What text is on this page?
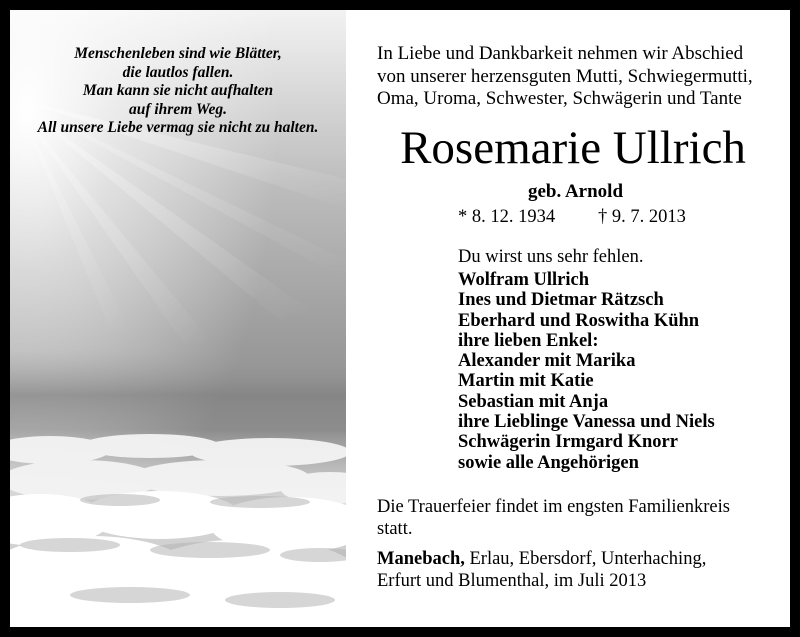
Menschenleben sind wie Blätter,
die lautlos fallen.
Man kann sie nicht aufhalten
auf ihrem Weg.
All unsere Liebe vermag sie nicht zu halten.
In Liebe und Dankbarkeit nehmen wir Abschied
von unserer herzensguten Mutti, Schwiegermutti,
Oma, Uroma, Schwester, Schwägerin und Tante
Rosemarie Ullrich
geb. Arnold
* 8. 12. 1934 † 9. 7. 2013
Du wirst uns sehr fehlen.
Wolfram Ullrich
Ines und Dietmar Rätzsch
Eberhard und Roswitha Kühn
ihre lieben Enkel:
Alexander mit Marika
Martin mit Katie
Sebastian mit Anja
ihre Lieblinge Vanessa und Niels
Schwägerin Irmgard Knorr
sowie alle Angehörigen
Die Trauerfeier findet im engsten Familienkreis
statt.
Manebach, Erlau, Ebersdorf, Unterhaching,
Erfurt und Blumenthal, im Juli 2013
